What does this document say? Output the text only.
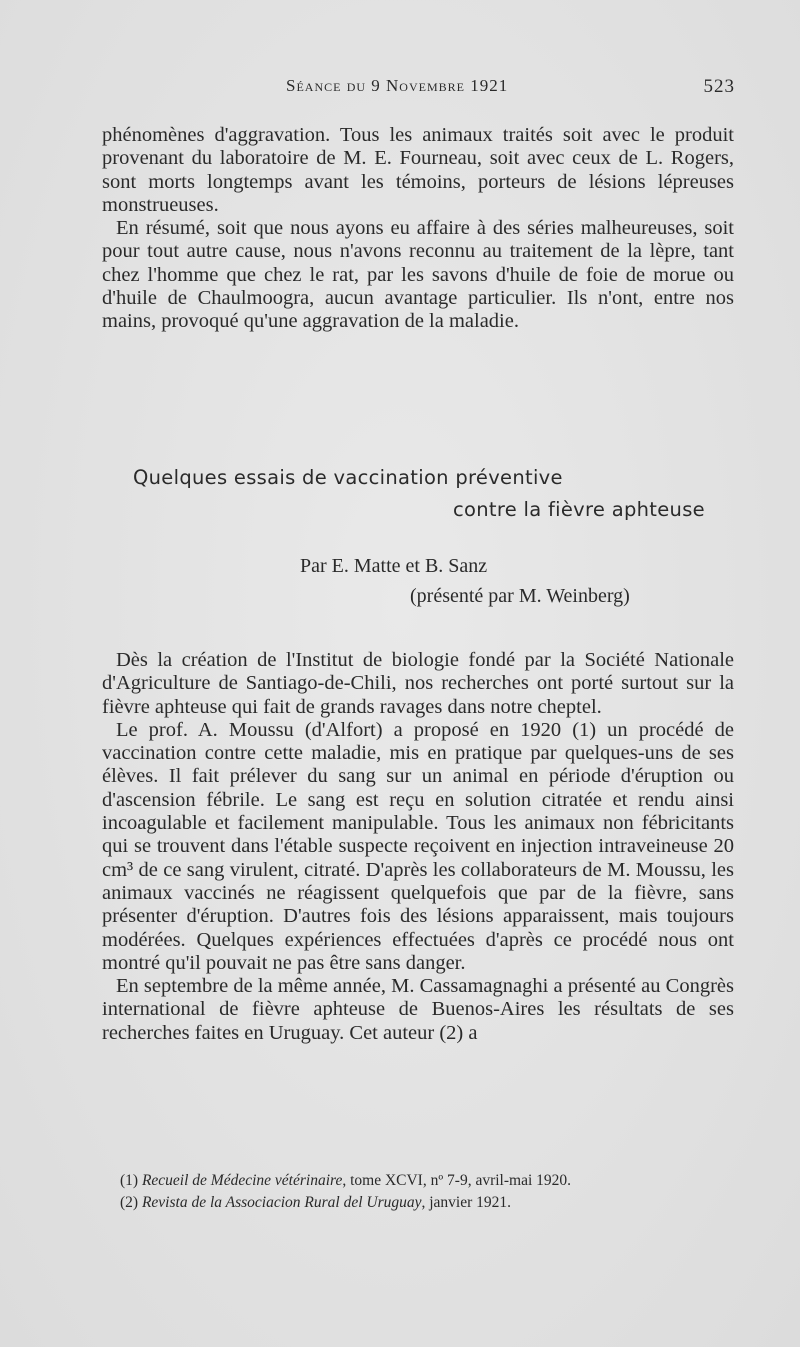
Séance du 9 Novembre 1921	523

phénomènes d'aggravation. Tous les animaux traités soit avec le produit provenant du laboratoire de M. E. Fourneau, soit avec ceux de L. Rogers, sont morts longtemps avant les témoins, porteurs de lésions lépreuses monstrueuses.

En résumé, soit que nous ayons eu affaire à des séries malheureuses, soit pour tout autre cause, nous n'avons reconnu au traitement de la lèpre, tant chez l'homme que chez le rat, par les savons d'huile de foie de morue ou d'huile de Chaulmoogra, aucun avantage particulier. Ils n'ont, entre nos mains, provoqué qu'une aggravation de la maladie.

Quelques essais de vaccination préventive
contre la fièvre aphteuse
Par E. Matte et B. Sanz
(présenté par M. Weinberg)

Dès la création de l'Institut de biologie fondé par la Société Nationale d'Agriculture de Santiago-de-Chili, nos recherches ont porté surtout sur la fièvre aphteuse qui fait de grands ravages dans notre cheptel.

Le prof. A. Moussu (d'Alfort) a proposé en 1920 (1) un procédé de vaccination contre cette maladie, mis en pratique par quelques-uns de ses élèves. Il fait prélever du sang sur un animal en période d'éruption ou d'ascension fébrile. Le sang est reçu en solution citratée et rendu ainsi incoagulable et facilement manipulable. Tous les animaux non fébricitants qui se trouvent dans l'étable suspecte reçoivent en injection intraveineuse 20 cm³ de ce sang virulent, citraté. D'après les collaborateurs de M. Moussu, les animaux vaccinés ne réagissent quelquefois que par de la fièvre, sans présenter d'éruption. D'autres fois des lésions apparaissent, mais toujours modérées. Quelques expériences effectuées d'après ce procédé nous ont montré qu'il pouvait ne pas être sans danger.

En septembre de la même année, M. Cassamagnaghi a présenté au Congrès international de fièvre aphteuse de Buenos-Aires les résultats de ses recherches faites en Uruguay. Cet auteur (2) a

(1) Recueil de Médecine vétérinaire, tome XCVI, nº 7-9, avril-mai 1920.
(2) Revista de la Associacion Rural del Uruguay, janvier 1921.
